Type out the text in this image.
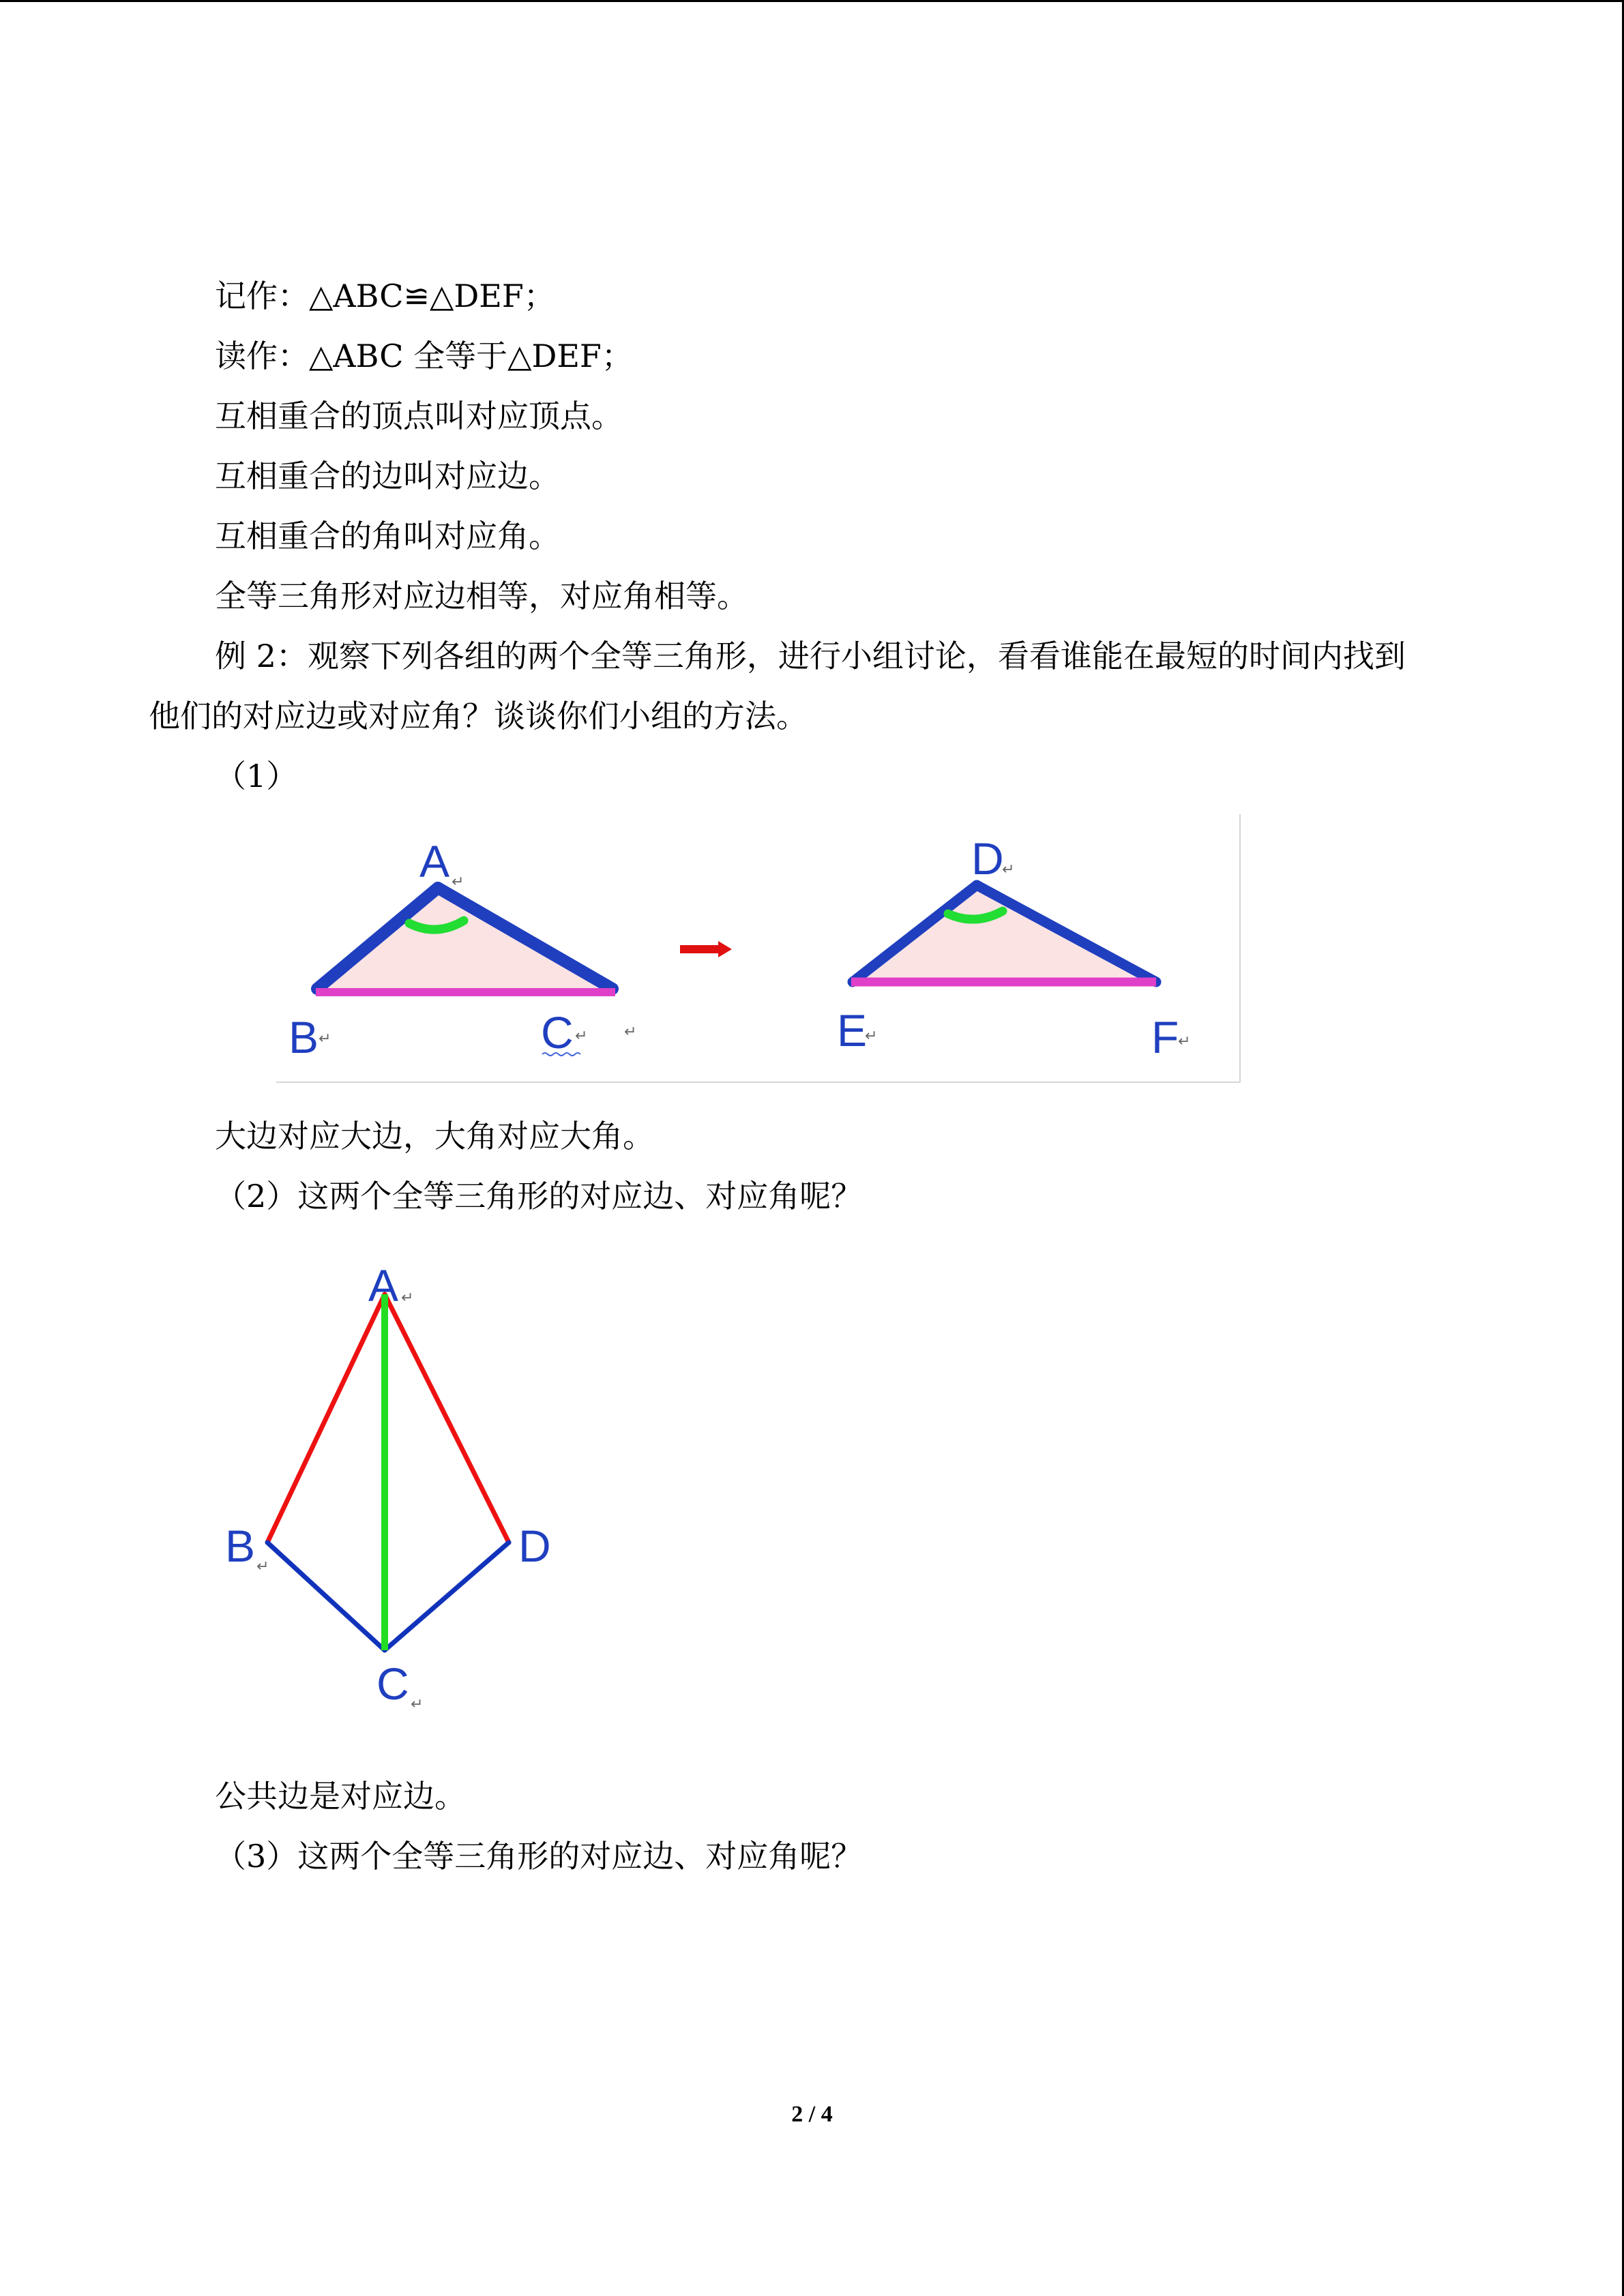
记作：△ABC≌△DEF；
读作：△ABC 全等于△DEF；
互相重合的顶点叫对应顶点。
互相重合的边叫对应边。
互相重合的角叫对应角。
全等三角形对应边相等，对应角相等。
例 2：观察下列各组的两个全等三角形，进行小组讨论，看看谁能在最短的时间内找到
他们的对应边或对应角？谈谈你们小组的方法。
（1）
A ↵
B ↵	C ↵ ↵
D
↵
E
↵	F
↵
大边对应大边，大角对应大角。
（2）这两个全等三角形的对应边、对应角呢？
A ↵
B ↵	D
C ↵
公共边是对应边。
（3）这两个全等三角形的对应边、对应角呢？
2 / 4
